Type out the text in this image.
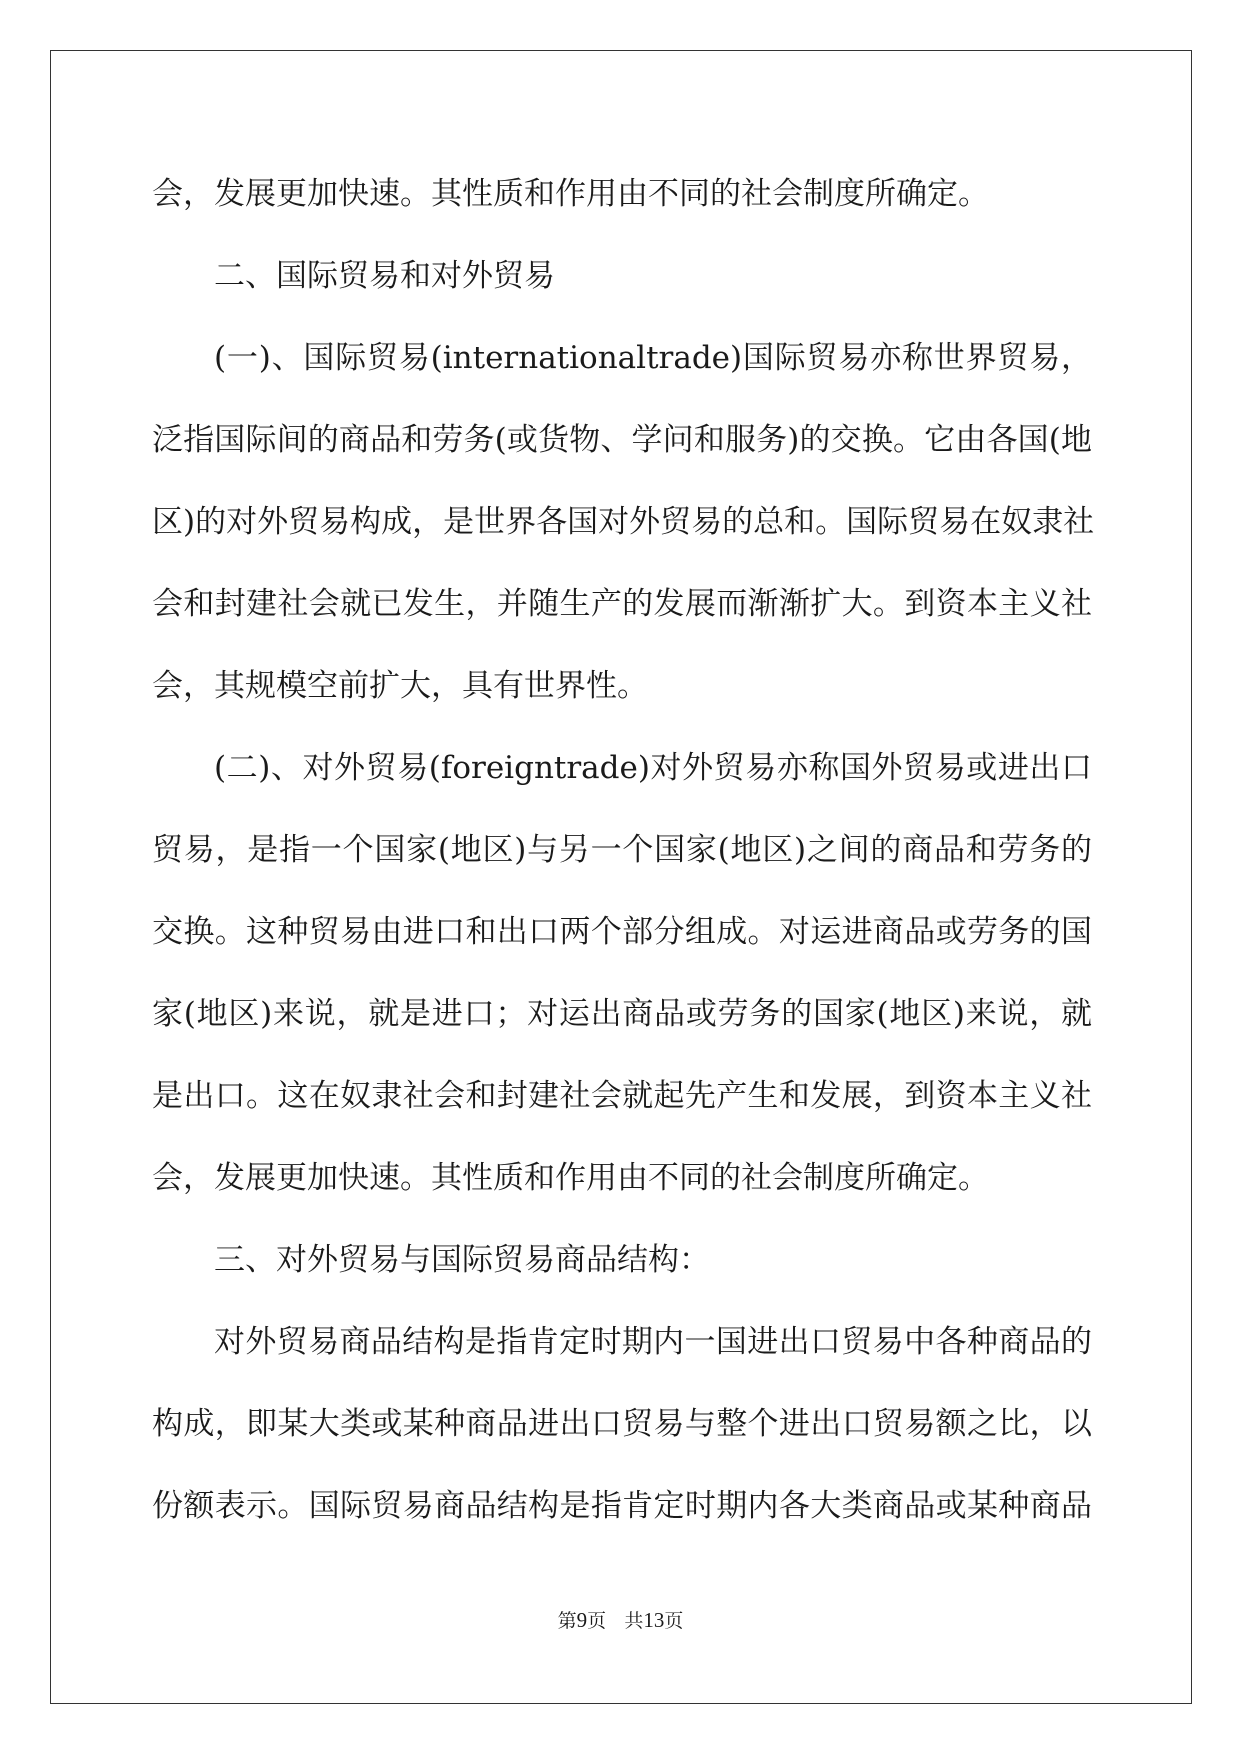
会，发展更加快速。其性质和作用由不同的社会制度所确定。
二、国际贸易和对外贸易
(一)、国际贸易(internationaltrade)国际贸易亦称世界贸易，
泛指国际间的商品和劳务(或货物、学问和服务)的交换。它由各国(地
区)的对外贸易构成，是世界各国对外贸易的总和。国际贸易在奴隶社
会和封建社会就已发生，并随生产的发展而渐渐扩大。到资本主义社
会，其规模空前扩大，具有世界性。
(二)、对外贸易(foreigntrade)对外贸易亦称国外贸易或进出口
贸易，是指一个国家(地区)与另一个国家(地区)之间的商品和劳务的
交换。这种贸易由进口和出口两个部分组成。对运进商品或劳务的国
家(地区)来说，就是进口；对运出商品或劳务的国家(地区)来说，就
是出口。这在奴隶社会和封建社会就起先产生和发展，到资本主义社
会，发展更加快速。其性质和作用由不同的社会制度所确定。
三、对外贸易与国际贸易商品结构：
对外贸易商品结构是指肯定时期内一国进出口贸易中各种商品的
构成，即某大类或某种商品进出口贸易与整个进出口贸易额之比，以
份额表示。国际贸易商品结构是指肯定时期内各大类商品或某种商品
第9页 共13页
